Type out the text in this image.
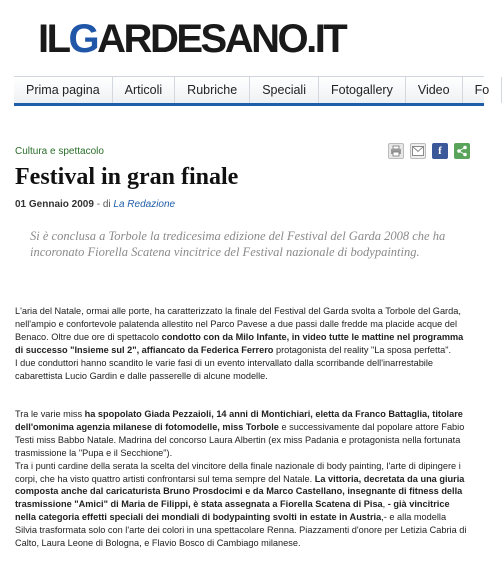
ILGARDESANO.IT
Prima pagina	Articoli	Rubriche	Speciali	Fotogallery	Video	Fo
Cultura e spettacolo	f
Festival in gran finale
01 Gennaio 2009 - di La Redazione

Si è conclusa a Torbole la tredicesima edizione del Festival del Garda 2008 che ha incoronato Fiorella Scatena vincitrice del Festival nazionale di bodypainting.

L'aria del Natale, ormai alle porte, ha caratterizzato la finale del Festival del Garda svolta a Torbole del Garda, nell'ampio e confortevole palatenda allestito nel Parco Pavese a due passi dalle fredde ma placide acque del Benaco. Oltre due ore di spettacolo condotto con da Milo Infante, in video tutte le mattine nel programma di successo "Insieme sul 2", affiancato da Federica Ferrero protagonista del reality "La sposa perfetta".
I due conduttori hanno scandito le varie fasi di un evento intervallato dalla scorribande dell'inarrestabile cabarettista Lucio Gardin e dalle passerelle di alcune modelle.

Tra le varie miss ha spopolato Giada Pezzaioli, 14 anni di Montichiari, eletta da Franco Battaglia, titolare dell'omonima agenzia milanese di fotomodelle, miss Torbole e successivamente dal popolare attore Fabio Testi miss Babbo Natale. Madrina del concorso Laura Albertin (ex miss Padania e protagonista nella fortunata trasmissione la "Pupa e il Secchione").
Tra i punti cardine della serata la scelta del vincitore della finale nazionale di body painting, l'arte di dipingere i corpi, che ha visto quattro artisti confrontarsi sul tema sempre del Natale. La vittoria, decretata da una giuria composta anche dal caricaturista Bruno Prosdocimi e da Marco Castellano, insegnante di fitness della trasmissione "Amici" di Maria de Filippi, è stata assegnata a Fiorella Scatena di Pisa, - già vincitrice nella categoria effetti speciali dei mondiali di bodypainting svolti in estate in Austria,- e alla modella Silvia trasformata solo con l'arte dei colori in una spettacolare Renna. Piazzamenti d'onore per Letizia Cabria di Calto, Laura Leone di Bologna, e Flavio Bosco di Cambiago milanese.
